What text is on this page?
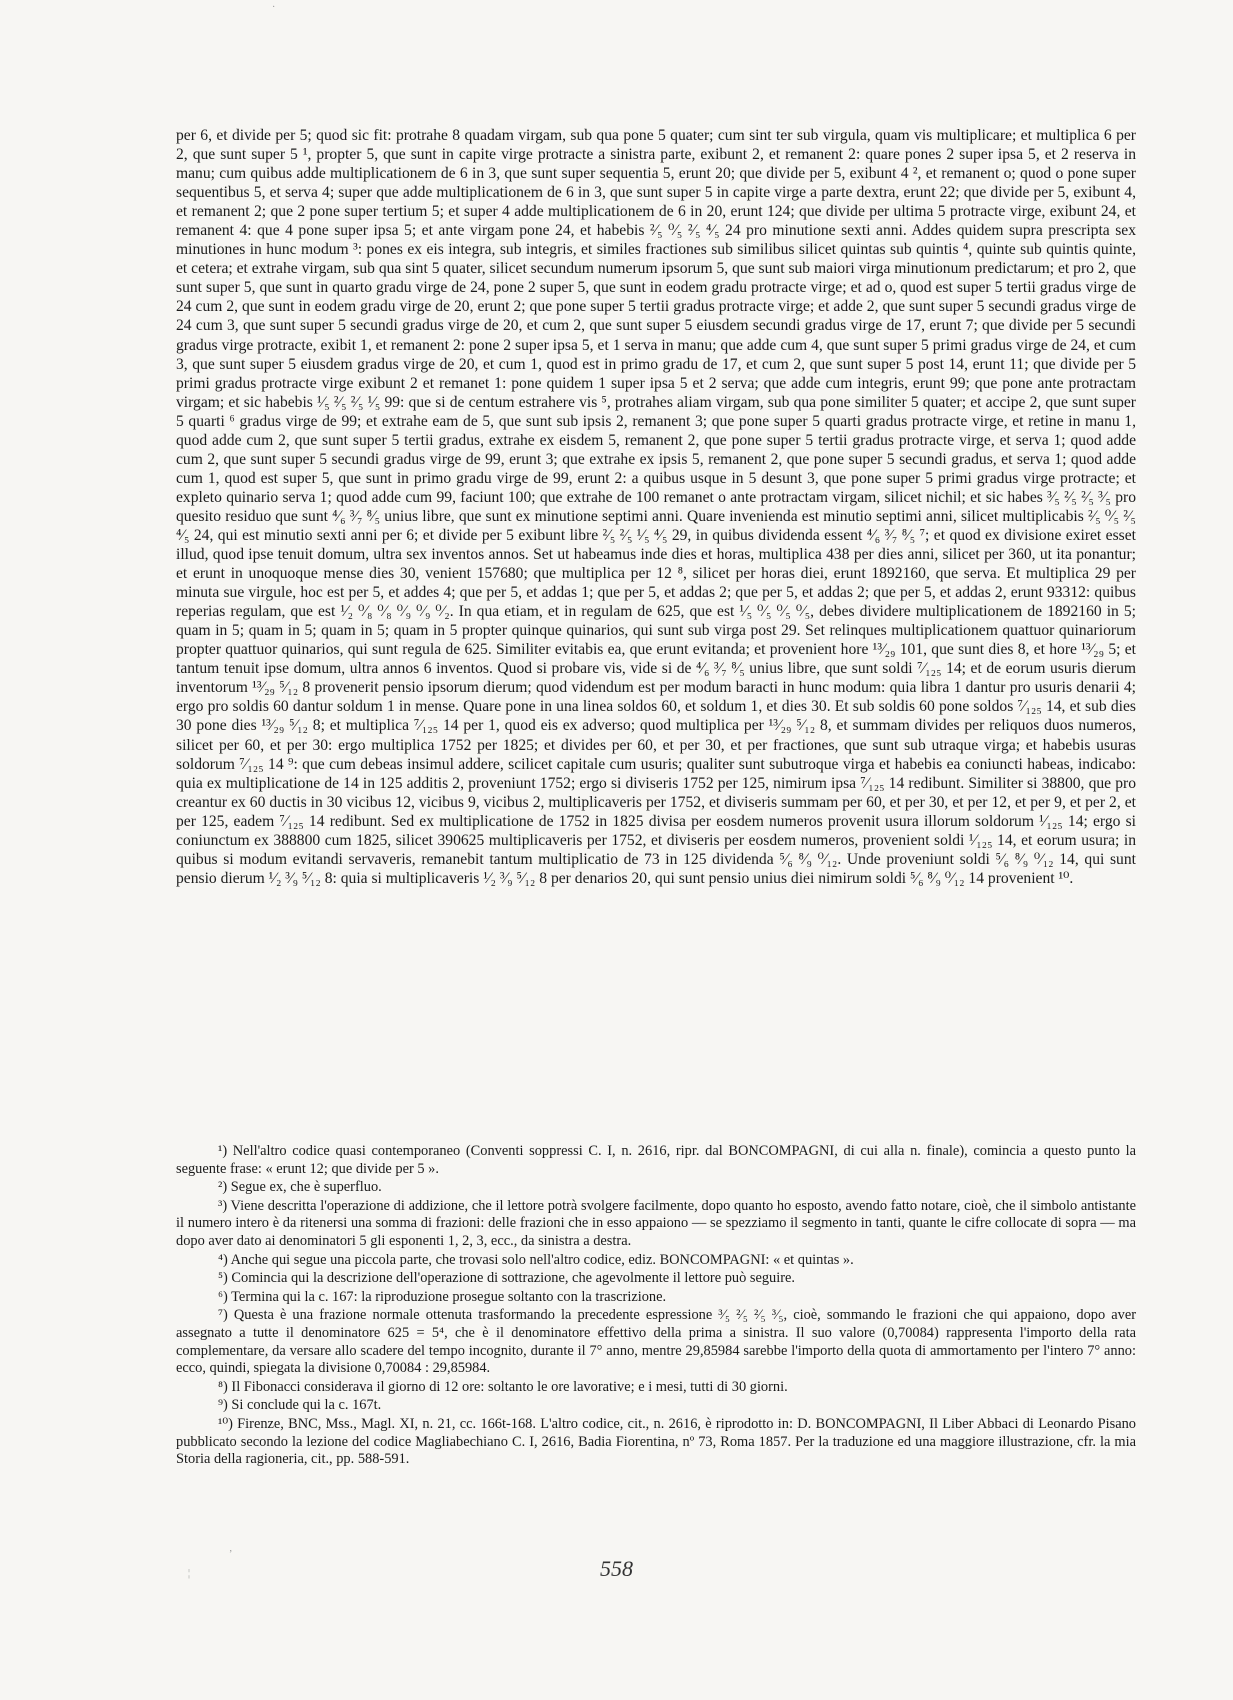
per 6, et divide per 5; quod sic fit: protrahe 8 quadam virgam, sub qua pone 5 quater; cum sint ter sub virgula, quam vis multiplicare; et multiplica 6 per 2, que sunt super 5 ¹, propter 5, que sunt in capite virge protracte a sinistra parte, exibunt 2, et remanent 2: quare pones 2 super ipsa 5, et 2 reserva in manu; cum quibus adde multiplicationem de 6 in 3, que sunt super sequentia 5, erunt 20; que divide per 5, exibunt 4 ², et remanent o; quod o pone super sequentibus 5, et serva 4; super que adde multiplicationem de 6 in 3, que sunt super 5 in capite virge a parte dextra, erunt 22; que divide per 5, exibunt 4, et remanent 2; que 2 pone super tertium 5; et super 4 adde multiplicationem de 6 in 20, erunt 124; que divide per ultima 5 protracte virge, exibunt 24, et remanent 4: que 4 pone super ipsa 5; et ante virgam pone 24, et habebis ²⁄₅ ⁰⁄₅ ²⁄₅ ⁴⁄₅ 24 pro minutione sexti anni. Addes quidem supra prescripta sex minutiones in hunc modum ³: pones ex eis integra, sub integris, et similes fractiones sub similibus silicet quintas sub quintis ⁴, quinte sub quintis quinte, et cetera; et extrahe virgam, sub qua sint 5 quater, silicet secundum numerum ipsorum 5, que sunt sub maiori virga minutionum predictarum; et pro 2, que sunt super 5, que sunt in quarto gradu virge de 24, pone 2 super 5, que sunt in eodem gradu protracte virge; et ad o, quod est super 5 tertii gradus virge de 24 cum 2, que sunt in eodem gradu virge de 20, erunt 2; que pone super 5 tertii gradus protracte virge; et adde 2, que sunt super 5 secundi gradus virge de 24 cum 3, que sunt super 5 secundi gradus virge de 20, et cum 2, que sunt super 5 eiusdem secundi gradus virge de 17, erunt 7; que divide per 5 secundi gradus virge protracte, exibit 1, et remanent 2: pone 2 super ipsa 5, et 1 serva in manu; que adde cum 4, que sunt super 5 primi gradus virge de 24, et cum 3, que sunt super 5 eiusdem gradus virge de 20, et cum 1, quod est in primo gradu de 17, et cum 2, que sunt super 5 post 14, erunt 11; que divide per 5 primi gradus protracte virge exibunt 2 et remanet 1: pone quidem 1 super ipsa 5 et 2 serva; que adde cum integris, erunt 99; que pone ante protractam virgam; et sic habebis ¹⁄₅ ²⁄₅ ²⁄₅ ¹⁄₅ 99: que si de centum estrahere vis ⁵, protrahes aliam virgam, sub qua pone similiter 5 quater; et accipe 2, que sunt super 5 quarti ⁶ gradus virge de 99; et extrahe eam de 5, que sunt sub ipsis 2, remanent 3; que pone super 5 quarti gradus protracte virge, et retine in manu 1, quod adde cum 2, que sunt super 5 tertii gradus, extrahe ex eisdem 5, remanent 2, que pone super 5 tertii gradus protracte virge, et serva 1; quod adde cum 2, que sunt super 5 secundi gradus virge de 99, erunt 3; que extrahe ex ipsis 5, remanent 2, que pone super 5 secundi gradus, et serva 1; quod adde cum 1, quod est super 5, que sunt in primo gradu virge de 99, erunt 2: a quibus usque in 5 desunt 3, que pone super 5 primi gradus virge protracte; et expleto quinario serva 1; quod adde cum 99, faciunt 100; que extrahe de 100 remanet o ante protractam virgam, silicet nichil; et sic habes ³⁄₅ ²⁄₅ ²⁄₅ ³⁄₅ pro quesito residuo que sunt ⁴⁄₆ ³⁄₇ ⁸⁄₅ unius libre, que sunt ex minutione septimi anni. Quare invenienda est minutio septimi anni, silicet multiplicabis ²⁄₅ ⁰⁄₅ ²⁄₅ ⁴⁄₅ 24, qui est minutio sexti anni per 6; et divide per 5 exibunt libre ²⁄₅ ²⁄₅ ¹⁄₅ ⁴⁄₅ 29, in quibus dividenda essent ⁴⁄₆ ³⁄₇ ⁸⁄₅ ⁷; et quod ex divisione exiret esset illud, quod ipse tenuit domum, ultra sex inventos annos. Set ut habeamus inde dies et horas, multiplica 438 per dies anni, silicet per 360, ut ita ponantur; et erunt in unoquoque mense dies 30, venient 157680; que multiplica per 12 ⁸, silicet per horas diei, erunt 1892160, que serva. Et multiplica 29 per minuta sue virgule, hoc est per 5, et addes 4; que per 5, et addas 1; que per 5, et addas 2; que per 5, et addas 2; que per 5, et addas 2, erunt 93312: quibus reperias regulam, que est ¹⁄₂ ⁰⁄₈ ⁰⁄₈ ⁰⁄₉ ⁰⁄₉ ⁰⁄₂. In qua etiam, et in regulam de 625, que est ¹⁄₅ ⁰⁄₅ ⁰⁄₅ ⁰⁄₅, debes dividere multiplicationem de 1892160 in 5; quam in 5; quam in 5; quam in 5; quam in 5 propter quinque quinarios, qui sunt sub virga post 29. Set relinques multiplicationem quattuor quinariorum propter quattuor quinarios, qui sunt regula de 625. Similiter evitabis ea, que erunt evitanda; et provenient hore ¹³⁄₂₉ 101, que sunt dies 8, et hore ¹³⁄₂₉ 5; et tantum tenuit ipse domum, ultra annos 6 inventos. Quod si probare vis, vide si de ⁴⁄₆ ³⁄₇ ⁸⁄₅ unius libre, que sunt soldi ⁷⁄₁₂₅ 14; et de eorum usuris dierum inventorum ¹³⁄₂₉ ⁵⁄₁₂ 8 provenerit pensio ipsorum dierum; quod videndum est per modum baracti in hunc modum: quia libra 1 dantur pro usuris denarii 4; ergo pro soldis 60 dantur soldum 1 in mense. Quare pone in una linea soldos 60, et soldum 1, et dies 30. Et sub soldis 60 pone soldos ⁷⁄₁₂₅ 14, et sub dies 30 pone dies ¹³⁄₂₉ ⁵⁄₁₂ 8; et multiplica ⁷⁄₁₂₅ 14 per 1, quod eis ex adverso; quod multiplica per ¹³⁄₂₉ ⁵⁄₁₂ 8, et summam divides per reliquos duos numeros, silicet per 60, et per 30: ergo multiplica 1752 per 1825; et divides per 60, et per 30, et per fractiones, que sunt sub utraque virga; et habebis usuras soldorum ⁷⁄₁₂₅ 14 ⁹: que cum debeas insimul addere, scilicet capitale cum usuris; qualiter sunt subutroque virga et habebis ea coniuncti habeas, indicabo: quia ex multiplicatione de 14 in 125 additis 2, proveniunt 1752; ergo si diviseris 1752 per 125, nimirum ipsa ⁷⁄₁₂₅ 14 redibunt. Similiter si 38800, que pro creantur ex 60 ductis in 30 vicibus 12, vicibus 9, vicibus 2, multiplicaveris per 1752, et diviseris summam per 60, et per 30, et per 12, et per 9, et per 2, et per 125, eadem ⁷⁄₁₂₅ 14 redibunt. Sed ex multiplicatione de 1752 in 1825 divisa per eosdem numeros provenit usura illorum soldorum ¹⁄₁₂₅ 14; ergo si coniunctum ex 388800 cum 1825, silicet 390625 multiplicaveris per 1752, et diviseris per eosdem numeros, provenient soldi ¹⁄₁₂₅ 14, et eorum usura; in quibus si modum evitandi servaveris, remanebit tantum multiplicatio de 73 in 125 dividenda ⁵⁄₆ ⁸⁄₉ ⁰⁄₁₂. Unde proveniunt soldi ⁵⁄₆ ⁸⁄₉ ⁰⁄₁₂ 14, qui sunt pensio dierum ¹⁄₂ ³⁄₉ ⁵⁄₁₂ 8: quia si multiplicaveris ¹⁄₂ ³⁄₉ ⁵⁄₁₂ 8 per denarios 20, qui sunt pensio unius diei nimirum soldi ⁵⁄₆ ⁸⁄₉ ⁰⁄₁₂ 14 provenient ¹⁰.

¹) Nell'altro codice quasi contemporaneo (Conventi soppressi C. I, n. 2616, ripr. dal BONCOMPAGNI, di cui alla n. finale), comincia a questo punto la seguente frase: « erunt 12; que divide per 5 ».

²) Segue ex, che è superfluo.

³) Viene descritta l'operazione di addizione, che il lettore potrà svolgere facilmente, dopo quanto ho esposto, avendo fatto notare, cioè, che il simbolo antistante il numero intero è da ritenersi una somma di frazioni: delle frazioni che in esso appaiono — se spezziamo il segmento in tanti, quante le cifre collocate di sopra — ma dopo aver dato ai denominatori 5 gli esponenti 1, 2, 3, ecc., da sinistra a destra.

⁴) Anche qui segue una piccola parte, che trovasi solo nell'altro codice, ediz. BONCOMPAGNI: « et quintas ».

⁵) Comincia qui la descrizione dell'operazione di sottrazione, che agevolmente il lettore può seguire.

⁶) Termina qui la c. 167: la riproduzione prosegue soltanto con la trascrizione.

⁷) Questa è una frazione normale ottenuta trasformando la precedente espressione ³⁄₅ ²⁄₅ ²⁄₅ ³⁄₅, cioè, sommando le frazioni che qui appaiono, dopo aver assegnato a tutte il denominatore 625 = 5⁴, che è il denominatore effettivo della prima a sinistra. Il suo valore (0,70084) rappresenta l'importo della rata complementare, da versare allo scadere del tempo incognito, durante il 7° anno, mentre 29,85984 sarebbe l'importo della quota di ammortamento per l'intero 7° anno: ecco, quindi, spiegata la divisione 0,70084 : 29,85984.

⁸) Il Fibonacci considerava il giorno di 12 ore: soltanto le ore lavorative; e i mesi, tutti di 30 giorni.

⁹) Si conclude qui la c. 167t.

¹⁰) Firenze, BNC, Mss., Magl. XI, n. 21, cc. 166t-168. L'altro codice, cit., n. 2616, è riprodotto in: D. BONCOMPAGNI, Il Liber Abbaci di Leonardo Pisano pubblicato secondo la lezione del codice Magliabechiano C. I, 2616, Badia Fiorentina, nº 73, Roma 1857. Per la traduzione ed una maggiore illustrazione, cfr. la mia Storia della ragioneria, cit., pp. 588-591.

558
·
ʼ
¦
